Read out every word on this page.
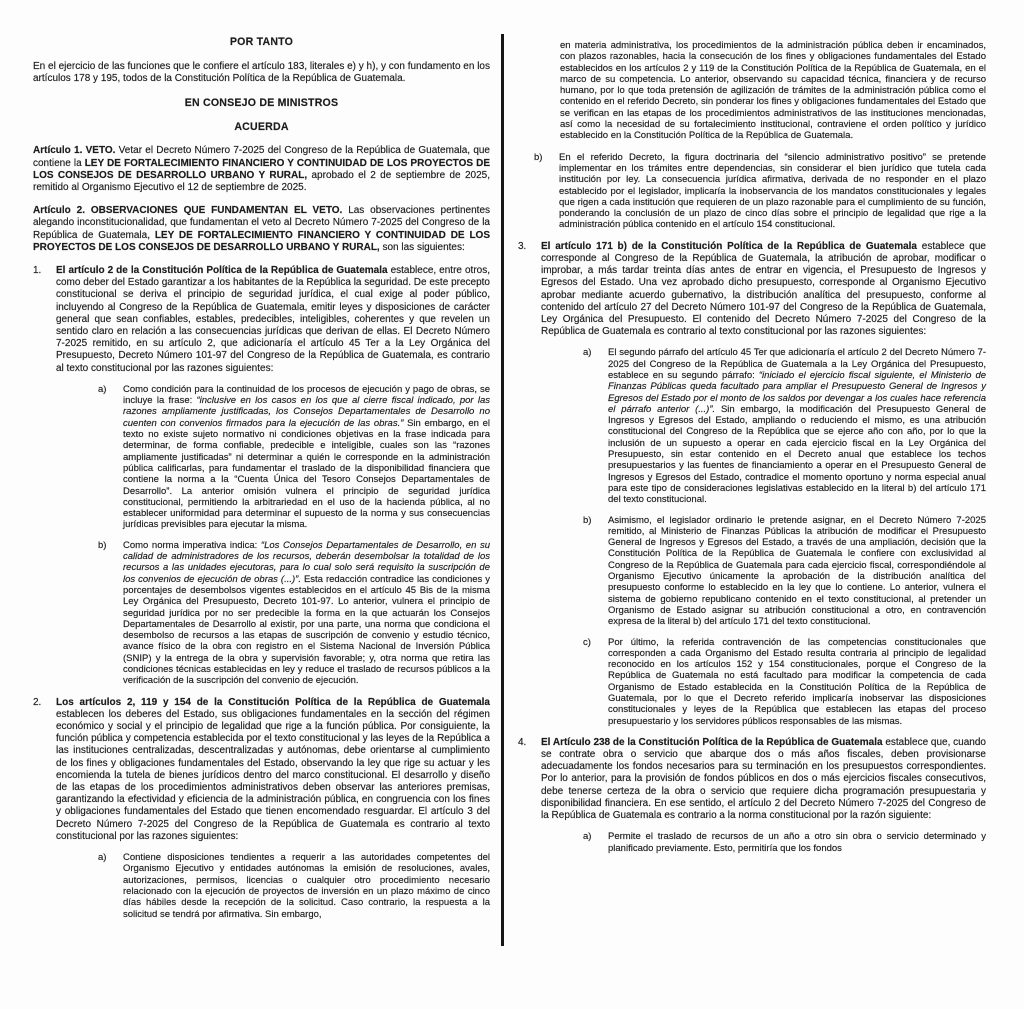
POR TANTO

En el ejercicio de las funciones que le confiere el artículo 183, literales e) y h), y con fundamento en los artículos 178 y 195, todos de la Constitución Política de la República de Guatemala.

EN CONSEJO DE MINISTROS
ACUERDA

Artículo 1. VETO. Vetar el Decreto Número 7-2025 del Congreso de la República de Guatemala, que contiene la LEY DE FORTALECIMIENTO FINANCIERO Y CONTINUIDAD DE LOS PROYECTOS DE LOS CONSEJOS DE DESARROLLO URBANO Y RURAL, aprobado el 2 de septiembre de 2025, remitido al Organismo Ejecutivo el 12 de septiembre de 2025.

Artículo 2. OBSERVACIONES QUE FUNDAMENTAN EL VETO. Las observaciones pertinentes alegando inconstitucionalidad, que fundamentan el veto al Decreto Número 7-2025 del Congreso de la República de Guatemala, LEY DE FORTALECIMIENTO FINANCIERO Y CONTINUIDAD DE LOS PROYECTOS DE LOS CONSEJOS DE DESARROLLO URBANO Y RURAL, son las siguientes:

1.	El artículo 2 de la Constitución Política de la República de Guatemala establece, entre otros, como deber del Estado garantizar a los habitantes de la República la seguridad. De este precepto constitucional se deriva el principio de seguridad jurídica, el cual exige al poder público, incluyendo al Congreso de la República de Guatemala, emitir leyes y disposiciones de carácter general que sean confiables, estables, predecibles, inteligibles, coherentes y que revelen un sentido claro en relación a las consecuencias jurídicas que derivan de ellas. El Decreto Número 7-2025 remitido, en su artículo 2, que adicionaría el artículo 45 Ter a la Ley Orgánica del Presupuesto, Decreto Número 101-97 del Congreso de la República de Guatemala, es contrario al texto constitucional por las razones siguientes:
a)	Como condición para la continuidad de los procesos de ejecución y pago de obras, se incluye la frase: “inclusive en los casos en los que al cierre fiscal indicado, por las razones ampliamente justificadas, los Consejos Departamentales de Desarrollo no cuenten con convenios firmados para la ejecución de las obras.” Sin embargo, en el texto no existe sujeto normativo ni condiciones objetivas en la frase indicada para determinar, de forma confiable, predecible e inteligible, cuales son las “razones ampliamente justificadas” ni determinar a quién le corresponde en la administración pública calificarlas, para fundamentar el traslado de la disponibilidad financiera que contiene la norma a la “Cuenta Única del Tesoro Consejos Departamentales de Desarrollo”. La anterior omisión vulnera el principio de seguridad jurídica constitucional, permitiendo la arbitrariedad en el uso de la hacienda pública, al no establecer uniformidad para determinar el supuesto de la norma y sus consecuencias jurídicas previsibles para ejecutar la misma.
b)	Como norma imperativa indica: “Los Consejos Departamentales de Desarrollo, en su calidad de administradores de los recursos, deberán desembolsar la totalidad de los recursos a las unidades ejecutoras, para lo cual solo será requisito la suscripción de los convenios de ejecución de obras (...)”. Esta redacción contradice las condiciones y porcentajes de desembolsos vigentes establecidos en el artículo 45 Bis de la misma Ley Orgánica del Presupuesto, Decreto 101-97. Lo anterior, vulnera el principio de seguridad jurídica por no ser predecible la forma en la que actuarán los Consejos Departamentales de Desarrollo al existir, por una parte, una norma que condiciona el desembolso de recursos a las etapas de suscripción de convenio y estudio técnico, avance físico de la obra con registro en el Sistema Nacional de Inversión Pública (SNIP) y la entrega de la obra y supervisión favorable; y, otra norma que retira las condiciones técnicas establecidas en ley y reduce el traslado de recursos públicos a la verificación de la suscripción del convenio de ejecución.
2.	Los artículos 2, 119 y 154 de la Constitución Política de la República de Guatemala establecen los deberes del Estado, sus obligaciones fundamentales en la sección del régimen económico y social y el principio de legalidad que rige a la función pública. Por consiguiente, la función pública y competencia establecida por el texto constitucional y las leyes de la República a las instituciones centralizadas, descentralizadas y autónomas, debe orientarse al cumplimiento de los fines y obligaciones fundamentales del Estado, observando la ley que rige su actuar y les encomienda la tutela de bienes jurídicos dentro del marco constitucional. El desarrollo y diseño de las etapas de los procedimientos administrativos deben observar las anteriores premisas, garantizando la efectividad y eficiencia de la administración pública, en congruencia con los fines y obligaciones fundamentales del Estado que tienen encomendado resguardar. El artículo 3 del Decreto Número 7-2025 del Congreso de la República de Guatemala es contrario al texto constitucional por las razones siguientes:
a)	Contiene disposiciones tendientes a requerir a las autoridades competentes del Organismo Ejecutivo y entidades autónomas la emisión de resoluciones, avales, autorizaciones, permisos, licencias o cualquier otro procedimiento necesario relacionado con la ejecución de proyectos de inversión en un plazo máximo de cinco días hábiles desde la recepción de la solicitud. Caso contrario, la respuesta a la solicitud se tendrá por afirmativa. Sin embargo,

en materia administrativa, los procedimientos de la administración pública deben ir encaminados, con plazos razonables, hacia la consecución de los fines y obligaciones fundamentales del Estado establecidos en los artículos 2 y 119 de la Constitución Política de la República de Guatemala, en el marco de su competencia. Lo anterior, observando su capacidad técnica, financiera y de recurso humano, por lo que toda pretensión de agilización de trámites de la administración pública como el contenido en el referido Decreto, sin ponderar los fines y obligaciones fundamentales del Estado que se verifican en las etapas de los procedimientos administrativos de las instituciones mencionadas, así como la necesidad de su fortalecimiento institucional, contraviene el orden político y jurídico establecido en la Constitución Política de la República de Guatemala.

b)	En el referido Decreto, la figura doctrinaria del “silencio administrativo positivo” se pretende implementar en los trámites entre dependencias, sin considerar el bien jurídico que tutela cada institución por ley. La consecuencia jurídica afirmativa, derivada de no responder en el plazo establecido por el legislador, implicaría la inobservancia de los mandatos constitucionales y legales que rigen a cada institución que requieren de un plazo razonable para el cumplimiento de su función, ponderando la conclusión de un plazo de cinco días sobre el principio de legalidad que rige a la administración pública contenido en el artículo 154 constitucional.
3.	El artículo 171 b) de la Constitución Política de la República de Guatemala establece que corresponde al Congreso de la República de Guatemala, la atribución de aprobar, modificar o improbar, a más tardar treinta días antes de entrar en vigencia, el Presupuesto de Ingresos y Egresos del Estado. Una vez aprobado dicho presupuesto, corresponde al Organismo Ejecutivo aprobar mediante acuerdo gubernativo, la distribución analítica del presupuesto, conforme al contenido del artículo 27 del Decreto Número 101-97 del Congreso de la República de Guatemala, Ley Orgánica del Presupuesto. El contenido del Decreto Número 7-2025 del Congreso de la República de Guatemala es contrario al texto constitucional por las razones siguientes:
a)	El segundo párrafo del artículo 45 Ter que adicionaría el artículo 2 del Decreto Número 7-2025 del Congreso de la República de Guatemala a la Ley Orgánica del Presupuesto, establece en su segundo párrafo: “iniciado el ejercicio fiscal siguiente, el Ministerio de Finanzas Públicas queda facultado para ampliar el Presupuesto General de Ingresos y Egresos del Estado por el monto de los saldos por devengar a los cuales hace referencia el párrafo anterior (...)”. Sin embargo, la modificación del Presupuesto General de Ingresos y Egresos del Estado, ampliando o reduciendo el mismo, es una atribución constitucional del Congreso de la República que se ejerce año con año, por lo que la inclusión de un supuesto a operar en cada ejercicio fiscal en la Ley Orgánica del Presupuesto, sin estar contenido en el Decreto anual que establece los techos presupuestarios y las fuentes de financiamiento a operar en el Presupuesto General de Ingresos y Egresos del Estado, contradice el momento oportuno y norma especial anual para este tipo de consideraciones legislativas establecido en la literal b) del artículo 171 del texto constitucional.
b)	Asimismo, el legislador ordinario le pretende asignar, en el Decreto Número 7-2025 remitido, al Ministerio de Finanzas Públicas la atribución de modificar el Presupuesto General de Ingresos y Egresos del Estado, a través de una ampliación, decisión que la Constitución Política de la República de Guatemala le confiere con exclusividad al Congreso de la República de Guatemala para cada ejercicio fiscal, correspondiéndole al Organismo Ejecutivo únicamente la aprobación de la distribución analítica del presupuesto conforme lo establecido en la ley que lo contiene. Lo anterior, vulnera el sistema de gobierno republicano contenido en el texto constitucional, al pretender un Organismo de Estado asignar su atribución constitucional a otro, en contravención expresa de la literal b) del artículo 171 del texto constitucional.
c)	Por último, la referida contravención de las competencias constitucionales que corresponden a cada Organismo del Estado resulta contraria al principio de legalidad reconocido en los artículos 152 y 154 constitucionales, porque el Congreso de la República de Guatemala no está facultado para modificar la competencia de cada Organismo de Estado establecida en la Constitución Política de la República de Guatemala, por lo que el Decreto referido implicaría inobservar las disposiciones constitucionales y leyes de la República que establecen las etapas del proceso presupuestario y los servidores públicos responsables de las mismas.
4.	El Artículo 238 de la Constitución Política de la República de Guatemala establece que, cuando se contrate obra o servicio que abarque dos o más años fiscales, deben provisionarse adecuadamente los fondos necesarios para su terminación en los presupuestos correspondientes. Por lo anterior, para la provisión de fondos públicos en dos o más ejercicios fiscales consecutivos, debe tenerse certeza de la obra o servicio que requiere dicha programación presupuestaria y disponibilidad financiera. En ese sentido, el artículo 2 del Decreto Número 7-2025 del Congreso de la República de Guatemala es contrario a la norma constitucional por la razón siguiente:
a)	Permite el traslado de recursos de un año a otro sin obra o servicio determinado y planificado previamente. Esto, permitiría que los fondos
